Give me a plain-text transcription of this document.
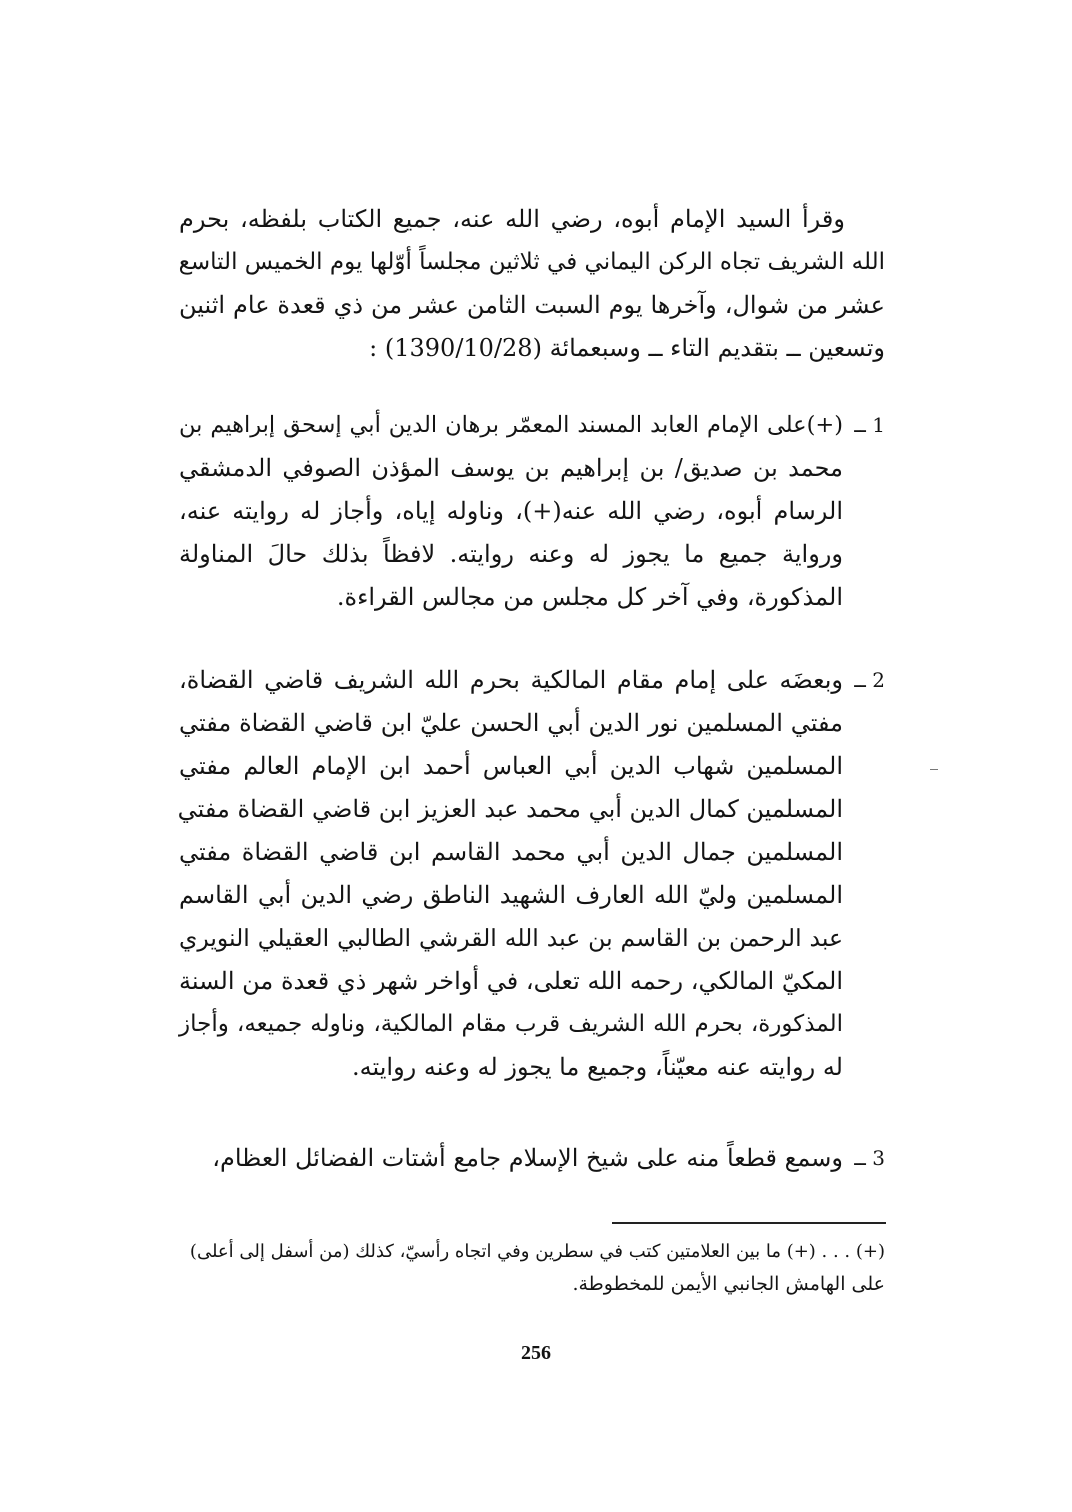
وقرأ السيد الإمام أبوه، رضي الله عنه، جميع الكتاب بلفظه، بحرم
الله الشريف تجاه الركن اليماني في ثلاثين مجلساً أوّلها يوم الخميس التاسع
عشر من شوال، وآخرها يوم السبت الثامن عشر من ذي قعدة عام اثنين
وتسعين ــ بتقديم التاء ــ وسبعمائة (1390/10/28) :
1 ــ
(+)على الإمام العابد المسند المعمّر برهان الدين أبي إسحق إبراهيم بن
محمد بن صديق/ بن إبراهيم بن يوسف المؤذن الصوفي الدمشقي
الرسام أبوه، رضي الله عنه(+)، وناوله إياه، وأجاز له روايته عنه،
ورواية جميع ما يجوز له وعنه روايته. لافظاً بذلك حالَ المناولة
المذكورة، وفي آخر كل مجلس من مجالس القراءة.
2 ــ
وبعضَه على إمام مقام المالكية بحرم الله الشريف قاضي القضاة،
مفتي المسلمين نور الدين أبي الحسن عليّ ابن قاضي القضاة مفتي
المسلمين شهاب الدين أبي العباس أحمد ابن الإمام العالم مفتي
المسلمين كمال الدين أبي محمد عبد العزيز ابن قاضي القضاة مفتي
المسلمين جمال الدين أبي محمد القاسم ابن قاضي القضاة مفتي
المسلمين وليّ الله العارف الشهيد الناطق رضي الدين أبي القاسم
عبد الرحمن بن القاسم بن عبد الله القرشي الطالبي العقيلي النويري
المكيّ المالكي، رحمه الله تعلى، في أواخر شهر ذي قعدة من السنة
المذكورة، بحرم الله الشريف قرب مقام المالكية، وناوله جميعه، وأجاز
له روايته عنه معيّناً، وجميع ما يجوز له وعنه روايته.
3 ــ
وسمع قطعاً منه على شيخ الإسلام جامع أشتات الفضائل العظام،
(+) . . . (+) ما بين العلامتين كتب في سطرين وفي اتجاه رأسيّ، كذلك (من أسفل إلى أعلى)
على الهامش الجانبي الأيمن للمخطوطة.
256
